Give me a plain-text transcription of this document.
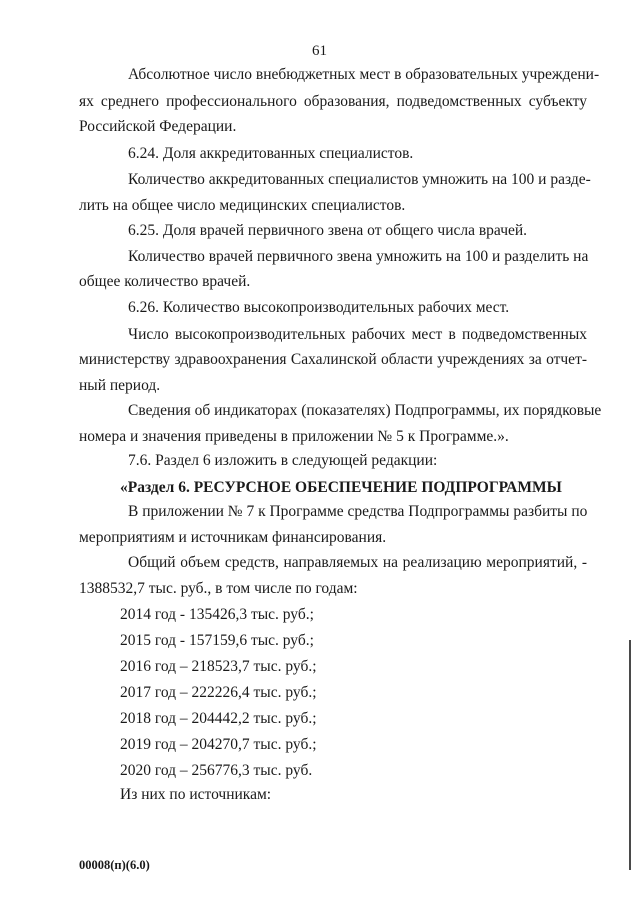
61
Абсолютное число внебюджетных мест в образовательных учреждени-
ях среднего профессионального образования, подведомственных субъекту
Российской Федерации.
6.24. Доля аккредитованных специалистов.
Количество аккредитованных специалистов умножить на 100 и разде-
лить на общее число медицинских специалистов.
6.25. Доля врачей первичного звена от общего числа врачей.
Количество врачей первичного звена умножить на 100 и разделить на
общее количество врачей.
6.26. Количество высокопроизводительных рабочих мест.
Число высокопроизводительных рабочих мест в подведомственных
министерству здравоохранения Сахалинской области учреждениях за отчет-
ный период.
Сведения об индикаторах (показателях) Подпрограммы, их порядковые
номера и значения приведены в приложении № 5 к Программе.».
7.6. Раздел 6 изложить в следующей редакции:
«Раздел 6. РЕСУРСНОЕ ОБЕСПЕЧЕНИЕ ПОДПРОГРАММЫ
В приложении № 7 к Программе средства Подпрограммы разбиты по
мероприятиям и источникам финансирования.
Общий объем средств, направляемых на реализацию мероприятий, -
1388532,7 тыс. руб., в том числе по годам:
2014 год - 135426,3 тыс. руб.;
2015 год - 157159,6 тыс. руб.;
2016 год – 218523,7 тыс. руб.;
2017 год – 222226,4 тыс. руб.;
2018 год – 204442,2 тыс. руб.;
2019 год – 204270,7 тыс. руб.;
2020 год – 256776,3 тыс. руб.
Из них по источникам:
00008(п)(6.0)
